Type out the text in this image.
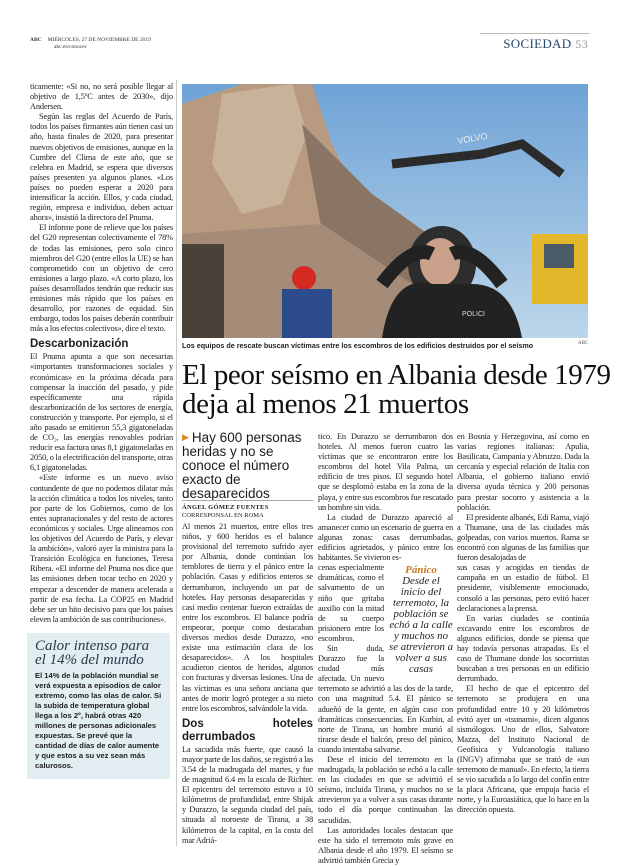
ABC MIÉRCOLES, 27 DE NOVIEMBRE DE 2019
abc.es/conocer	SOCIEDAD 53

ticamente: «Si no, no será posible llegar al objetivo de 1,5ºC antes de 2030», dijo Andersen.

Según las reglas del Acuerdo de París, todos los países firmantes aún tienen casi un año, hasta finales de 2020, para presentar nuevos objetivos de emisiones, aunque en la Cumbre del Clima de este año, que se celebra en Madrid, se espera que diversos países presenten ya algunos planes. «Los países no pueden esperar a 2020 para intensificar la acción. Ellos, y cada ciudad, región, empresa e individuo, deben actuar ahora», insistió la directora del Pnuma.

El informe pone de relieve que los países del G20 representan colectivamente el 78% de todas las emisiones, pero solo cinco miembros del G20 (entre ellos la UE) se han comprometido con un objetivo de cero emisiones a largo plazo. «A corto plazo, los países desarrollados tendrán que reducir sus emisiones más rápido que los países en desarrollo, por razones de equidad. Sin embargo, todos los países deberán contribuir más a los efectos colectivos», dice el texto.

Descarbonización

El Pnuma apunta a que son necesarias «importantes transformaciones sociales y económicas» en la próxima década para compensar la inacción del pasado, y pide específicamente una rápida descarbonización de los sectores de energía, construcción y transporte. Por ejemplo, si el año pasado se emitieron 55,3 gigatoneladas de CO₂, las energías renovables podrían reducir esa factura unas 8,1 gigatoneladas en 2050, o la electrificación del transporte, otras 6,1 gigatoneladas.

«Este informe es un nuevo aviso contundente de que no podemos dilatar más la acción climática a todos los niveles, tanto por parte de los Gobiernos, como de los entes supranacionales y del resto de actores económicos y sociales. Urge alinearnos con los objetivos del Acuerdo de París, y elevar la ambición», valoró ayer la ministra para la Transición Ecológica en funciones, Teresa Ribera. «El informe del Pnuma nos dice que las emisiones deben tocar techo en 2020 y empezar a descender de manera acelerada a partir de esa fecha. La COP25 en Madrid debe ser un hito decisivo para que los países eleven la ambición de sus contribuciones».

Calor intenso para el 14% del mundo
El 14% de la población mundial se verá expuesta a episodios de calor extremo, como las olas de calor. Si la subida de temperatura global llega a los 2º, habrá otras 420 millones de personas adicionales expuestas. Se prevé que la cantidad de días de calor aumente y que estos a su vez sean más calurosos.
VOLVO
POLICI
Los equipos de rescate buscan víctimas entre los escombros de los edificios destruidos por el seísmo	ABC
El peor seísmo en Albania desde 1979 deja al menos 21 muertos
▶ Hay 600 personas heridas y no se conoce el número exacto de desaparecidos
ÁNGEL GÓMEZ FUENTES
CORRESPONSAL EN ROMA

Al menos 21 muertos, entre ellos tres niños, y 600 heridos es el balance provisional del terremoto sufrido ayer por Albania, donde continúan los temblores de tierra y el pánico entre la población. Casas y edificios enteros se derrumbaron, incluyendo un par de hoteles. Hay personas desaparecidas y casi medio centenar fueron extraídas de entre los escombros. El balance podría empeorar, porque como destacaban diversos medios desde Durazzo, «no existe una estimación clara de los desaparecidos». A los hospitales acudieron cientos de heridos, algunos con fracturas y diversas lesiones. Una de las víctimas es una señora anciana que antes de morir logró proteger a su nieto entre los escombros, salvándole la vida.

Dos hoteles derrumbados

La sacudida más fuerte, que causó la mayor parte de los daños, se registró a las 3.54 de la madrugada del martes, y fue de magnitud 6.4 en la escala de Richter. El epicentro del terremoto estuvo a 10 kilómetros de profundidad, entre Shijak y Durazzo, la segunda ciudad del país, situada al noroeste de Tirana, a 38 kilómetros de la capital, en la costa del mar Adriá-

tico. En Durazzo se derrumbaron dos hoteles. Al menos fueron cuatro las víctimas que se encontraron entre los escombros del hotel Vila Palma, un edificio de tres pisos. El segundo hotel que se desplomó estaba en la zona de la playa, y entre sus escombros fue rescatado un hombre sin vida.

La ciudad de Durazzo apareció al amanecer como un escenario de guerra en algunas zonas: casas derrumbadas, edificios agrietados, y pánico entre los habitantes. Se vivieron es-

Pánico
Desde el inicio del terremoto, la población se echó a la calle y muchos no se atrevieron a volver a sus casas

cenas especialmente dramáticas, como el salvamento de un niño que gritaba auxilio con la mitad de su cuerpo prisionero entre los escombros.

Sin duda, Durazzo fue la ciudad más afectada. Un nuevo terremoto se advirtió a las dos de la tarde, con una magnitud 5.4. El pánico se adueñó de la gente, en algún caso con dramáticas consecuencias. En Kurbin, al norte de Tirana, un hombre murió al tirarse desde el balcón, preso del pánico, cuando intentaba salvarse.

Dese el inicio del terremoto en la madrugada, la población se echó a la calle en las ciudades en que se advirtió el seísmo, incluida Tirana, y muchos no se atrevieron ya a volver a sus casas durante todo el día porque continuaban las sacudidas.

Las autoridades locales destacan que este ha sido el terremoto más grave en Albania desde el año 1979. El seísmo se advirtió también Grecia y

en Bosnia y Herzegovina, así como en varias regiones italianas: Apulia, Basilicata, Campania y Abruzzo. Dada la cercanía y especial relación de Italia con Albania, el gobierno italiano envió diversa ayuda técnica y 200 personas para prestar socorro y asistencia a la población.

El presidente albanés, Edi Rama, viajó a Thumane, una de las ciudades más golpeadas, con varios muertos. Rama se encontró con algunas de las familias que fueron desalojadas de

sus casas y acogidas en tiendas de campaña en un estadio de fútbol. El presidente, visiblemente emocionado, consoló a las personas, pero evitó hacer declaraciones a la prensa.

En varias ciudades se continúa excavando entre los escombros de algunos edificios, donde se piensa que hay todavía personas atrapadas. Es el caso de Thumane donde los socorristas buscaban a tres personas en un edificio derrumbado.

El hecho de que el epicentro del terremoto se produjera en una profundidad entre 10 y 20 kilómetros evitó ayer un «tsunami», dicen algunos sismólogos. Uno de ellos, Salvatore Mazza, del Instituto Nacional de Geofísica y Vulcanología italiano (INGV) afirmaba que se trató de «un terremoto de manual». En efecto, la tierra se vio sacudida a lo largo del confín entre la placa Africana, que empuja hacia el norte, y la Euroasiática, que lo hace en la dirección opuesta.
